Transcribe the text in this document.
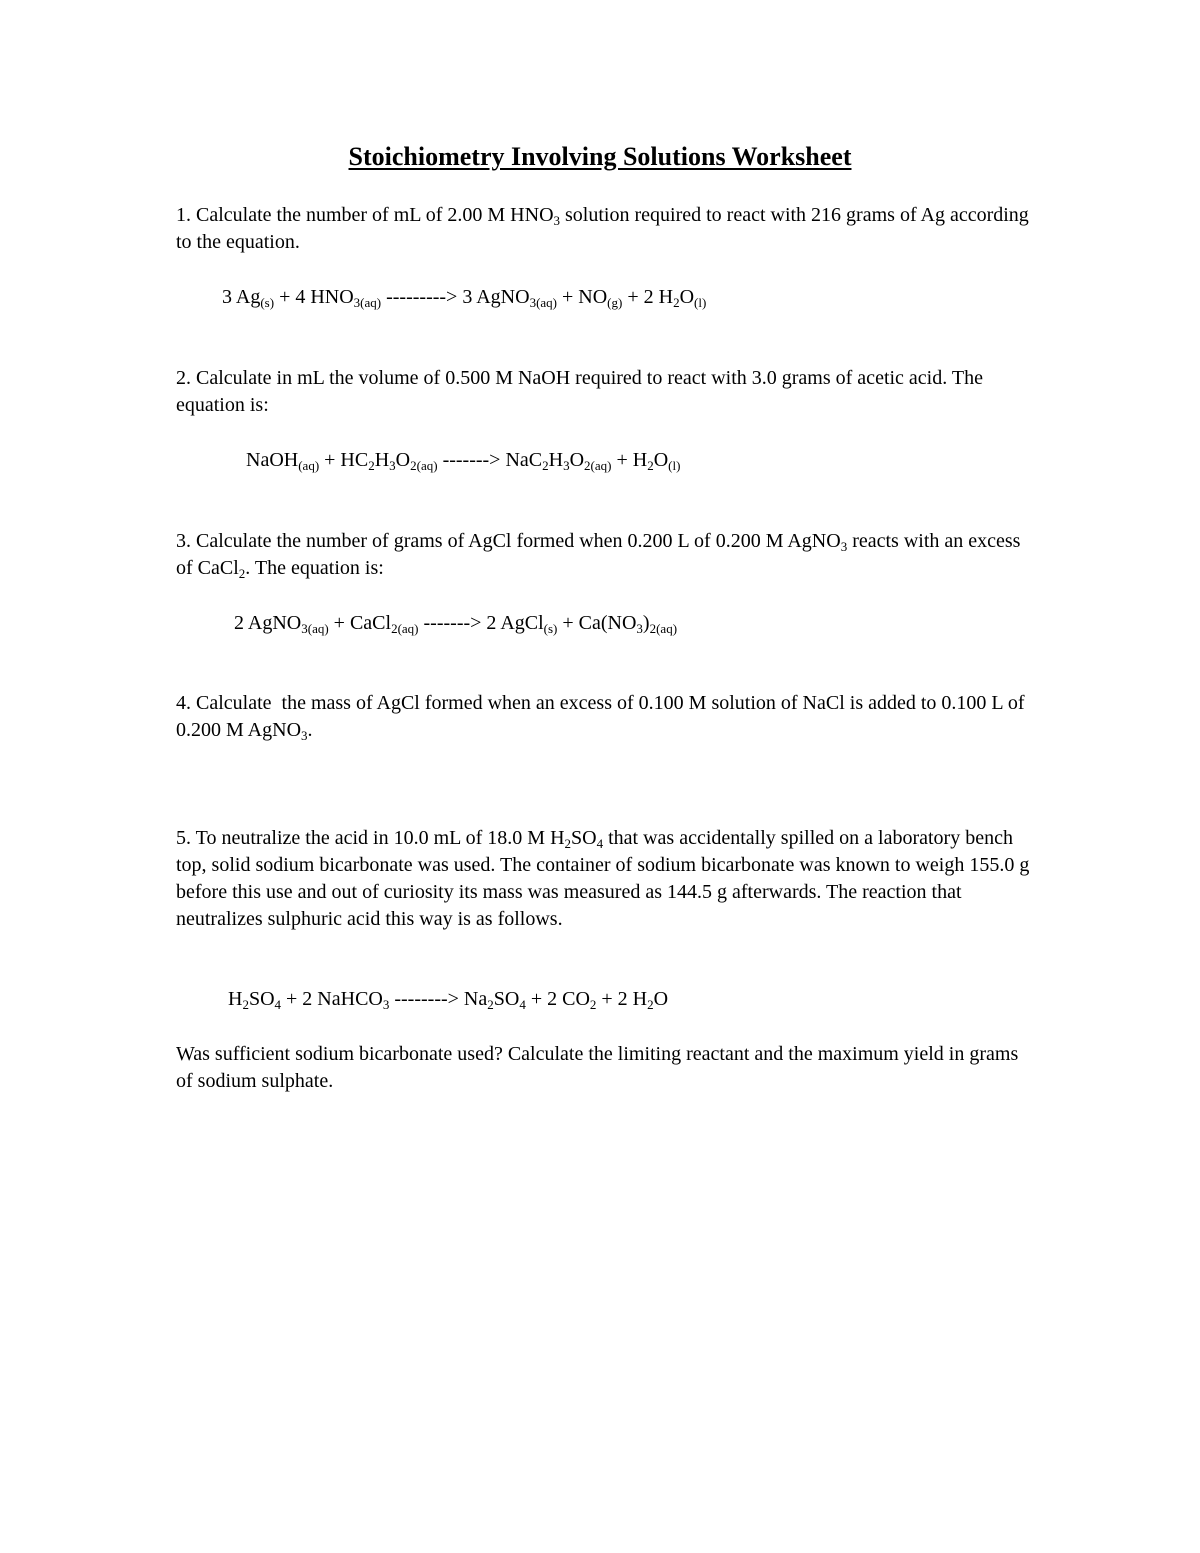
Stoichiometry Involving Solutions Worksheet

1. Calculate the number of mL of 2.00 M $HNO_3$ solution required to react with 216 grams of Ag according to the equation.

3 $Ag_{(s)} + 4$ $HNO_{3(aq)}$ ---------> 3 AgNO$_{3(aq)}$ + $NO_{(g)} + 2$ $H_2O_{(l)}$

2. Calculate in mL the volume of 0.500 M NaOH required to react with 3.0 grams of acetic acid. The equation is:

NaOH$_{(aq)}$ + $HC_2H_3O_{2(aq)}$ -------> $NaC_2H_3O_{2(aq)} + H_2O_{(l)}$

3. Calculate the number of grams of AgCl formed when 0.200 L of 0.200 M AgNO$_3$ reacts with an excess of CaCl$_2$. The equation is:

2 AgNO$_{3(aq)}$ + CaCl$_{2(aq)}$ -------> 2 AgCl$_{(s)}$ + $Ca(NO_3)_{2(aq)}$

4. Calculate  the mass of AgCl formed when an excess of 0.100 M solution of NaCl is added to 0.100 L of 0.200 M AgNO$_3$.

5. To neutralize the acid in 10.0 mL of 18.0 M $H_2SO_4$ that was accidentally spilled on a laboratory bench top, solid sodium bicarbonate was used. The container of sodium bicarbonate was known to weigh 155.0 g before this use and out of curiosity its mass was measured as 144.5 g afterwards. The reaction that neutralizes sulphuric acid this way is as follows.

$H_2SO_4 + 2$ NaHCO$_3$ --------> $Na_2SO_4 + 2$ $CO_2 + 2$ $H_2O$

Was sufficient sodium bicarbonate used? Calculate the limiting reactant and the maximum yield in grams of sodium sulphate.
